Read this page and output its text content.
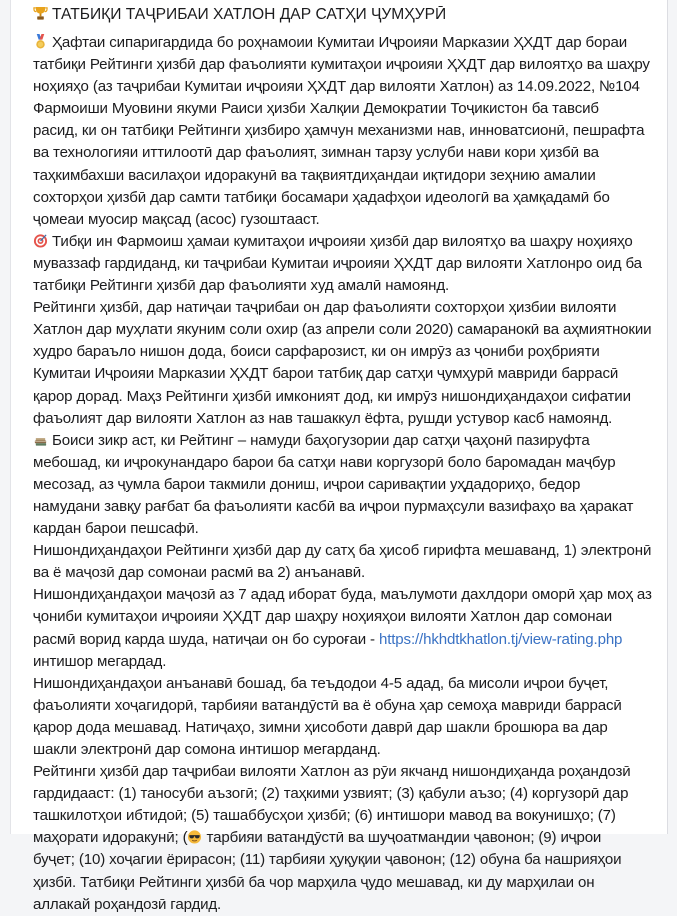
ТАТБИҚИ ТАҶРИБАИ ХАТЛОН ДАР САТҲИ ҶУМҲУРӢ
Ҳафтаи сипаригардида бо роҳнамоии Кумитаи Иҷроияи Марказии ҲХДТ дар бораи
татбиқи Рейтинги ҳизбӣ дар фаъолияти кумитаҳои иҷроияи ҲХДТ дар вилоятҳо ва шаҳру
ноҳияҳо (аз таҷрибаи Кумитаи иҷроияи ҲХДТ дар вилояти Хатлон) аз 14.09.2022, №104
Фармоиши Муовини якуми Раиси ҳизби Халқии Демократии Тоҷикистон ба тавсиб
расид, ки он татбиқи Рейтинги ҳизбиро ҳамчун механизми нав, инноватсионӣ, пешрафта
ва технологияи иттилоотӣ дар фаъолият, зимнан тарзу услуби нави кори ҳизбӣ ва
таҳкимбахши василаҳои идоракунӣ ва тақвиятдиҳандаи иқтидори зеҳнию амалии
сохторҳои ҳизбӣ дар самти татбиқи босамари ҳадафҳои идеологӣ ва ҳамқадамӣ бо
ҷомеаи муосир мақсад (асос) гузоштааст.
Тибқи ин Фармоиш ҳамаи кумитаҳои иҷроияи ҳизбӣ дар вилоятҳо ва шаҳру ноҳияҳо
муваззаф гардиданд, ки таҷрибаи Кумитаи иҷроияи ҲХДТ дар вилояти Хатлонро оид ба
татбиқи Рейтинги ҳизбӣ дар фаъолияти худ амалӣ намоянд.
Рейтинги ҳизбӣ, дар натиҷаи таҷрибаи он дар фаъолияти сохторҳои ҳизбии вилояти
Хатлон дар муҳлати якуним соли охир (аз апрели соли 2020) самаранокӣ ва аҳмиятнокии
худро бараъло нишон дода, боиси сарфарозист, ки он имрӯз аз ҷониби роҳбрияти
Кумитаи Иҷроияи Марказии ҲХДТ барои татбиқ дар сатҳи ҷумҳурӣ мавриди баррасӣ
қарор дорад. Маҳз Рейтинги ҳизбӣ имконият дод, ки имрӯз нишондиҳандаҳои сифатии
фаъолият дар вилояти Хатлон аз нав ташаккул ёфта, рушди устувор касб намоянд.
Боиси зикр аст, ки Рейтинг – намуди баҳогузории дар сатҳи ҷаҳонӣ пазируфта
мебошад, ки иҷрокунандаро барои ба сатҳи нави коргузорӣ боло баромадан маҷбур
месозад, аз ҷумла барои такмили дониш, иҷрои саривақтии уҳдадориҳо, бедор
намудани завқу рағбат ба фаъолияти касбӣ ва иҷрои пурмаҳсули вазифаҳо ва ҳаракат
кардан барои пешсафӣ.
Нишондиҳандаҳои Рейтинги ҳизбӣ дар ду сатҳ ба ҳисоб гирифта мешаванд, 1) электронӣ
ва ё маҷозӣ дар сомонаи расмӣ ва 2) анъанавӣ.
Нишондиҳандаҳои маҷозӣ аз 7 адад иборат буда, маълумоти дахлдори оморӣ ҳар моҳ аз
ҷониби кумитаҳои иҷроияи ҲХДТ дар шаҳру ноҳияҳои вилояти Хатлон дар сомонаи
расмӣ ворид карда шуда, натиҷаи он бо суроғаи - https://hkhdtkhatlon.tj/view-rating.php
интишор мегардад.
Нишондиҳандаҳои анъанавӣ бошад, ба теъдодои 4-5 адад, ба мисоли иҷрои буҷет,
фаъолияти хоҷагидорӣ, тарбияи ватандӯстӣ ва ё обуна ҳар семоҳа мавриди баррасӣ
қарор дода мешавад. Натиҷаҳо, зимни ҳисоботи даврӣ дар шакли брошюра ва дар
шакли электронӣ дар сомона интишор мегарданд.
Рейтинги ҳизбӣ дар таҷрибаи вилояти Хатлон аз рӯи якчанд нишондиҳанда роҳандозӣ
гардидааст: (1) таносуби аъзогӣ; (2) таҳкими узвият; (3) қабули аъзо; (4) коргузорӣ дар
ташкилотҳои ибтидоӣ; (5) ташаббусҳои ҳизбӣ; (6) интишори мавод ва вокунишҳо; (7)
маҳорати идоракунӣ; ( тарбияи ватандӯстӣ ва шуҷоатмандии ҷавонон; (9) иҷрои
буҷет; (10) хоҷагии ёрирасон; (11) тарбияи ҳуқуқии ҷавонон; (12) обуна ба нашрияҳои
ҳизбӣ. Татбиқи Рейтинги ҳизбӣ ба чор марҳила ҷудо мешавад, ки ду марҳилаи он
аллакай роҳандозӣ гардид.
